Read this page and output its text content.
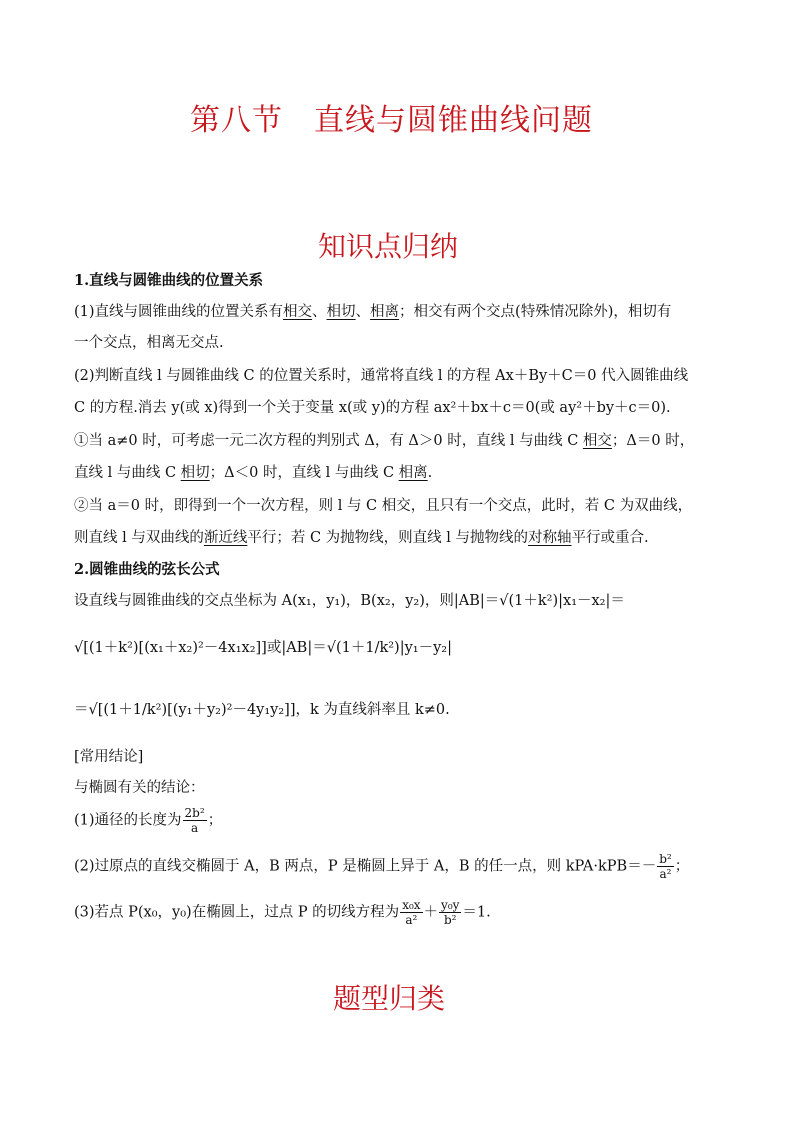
第八节　直线与圆锥曲线问题
知识点归纳
1.直线与圆锥曲线的位置关系
(1)直线与圆锥曲线的位置关系有相交、相切、相离；相交有两个交点(特殊情况除外)，相切有
一个交点，相离无交点.
(2)判断直线 l 与圆锥曲线 C 的位置关系时，通常将直线 l 的方程 Ax＋By＋C＝0 代入圆锥曲线
C 的方程.消去 y(或 x)得到一个关于变量 x(或 y)的方程 ax²＋bx＋c＝0(或 ay²＋by＋c＝0).
①当 a≠0 时，可考虑一元二次方程的判别式 Δ，有 Δ＞0 时，直线 l 与曲线 C 相交；Δ＝0 时，
直线 l 与曲线 C 相切；Δ＜0 时，直线 l 与曲线 C 相离.
②当 a＝0 时，即得到一个一次方程，则 l 与 C 相交，且只有一个交点，此时，若 C 为双曲线，
则直线 l 与双曲线的渐近线平行；若 C 为抛物线，则直线 l 与抛物线的对称轴平行或重合.
2.圆锥曲线的弦长公式
设直线与圆锥曲线的交点坐标为 A(x₁，y₁)，B(x₂，y₂)，则|AB|＝√(1＋k²)|x₁－x₂|＝
√[(1＋k²)[(x₁＋x₂)²－4x₁x₂]]或|AB|＝√(1＋1/k²)|y₁－y₂|
＝√[(1＋1/k²)[(y₁＋y₂)²－4y₁y₂]]，k 为直线斜率且 k≠0.
[常用结论]
与椭圆有关的结论：
(1)通径的长度为 $\frac{\text{2b²}}{a}$ ；
(2)过原点的直线交椭圆于 A，B 两点，P 是椭圆上异于 A，B 的任一点，则 $kPA\cdot kPB=- \frac{\text{b²}}{\text{a²}}$ ；
(3)若点 P(x₀，y₀)在椭圆上，过点 P 的切线方程为 $\frac{\text{x₀x}}{\text{a²}} + \frac{\text{y₀y}}{\text{b²}} =1$.
题型归类
